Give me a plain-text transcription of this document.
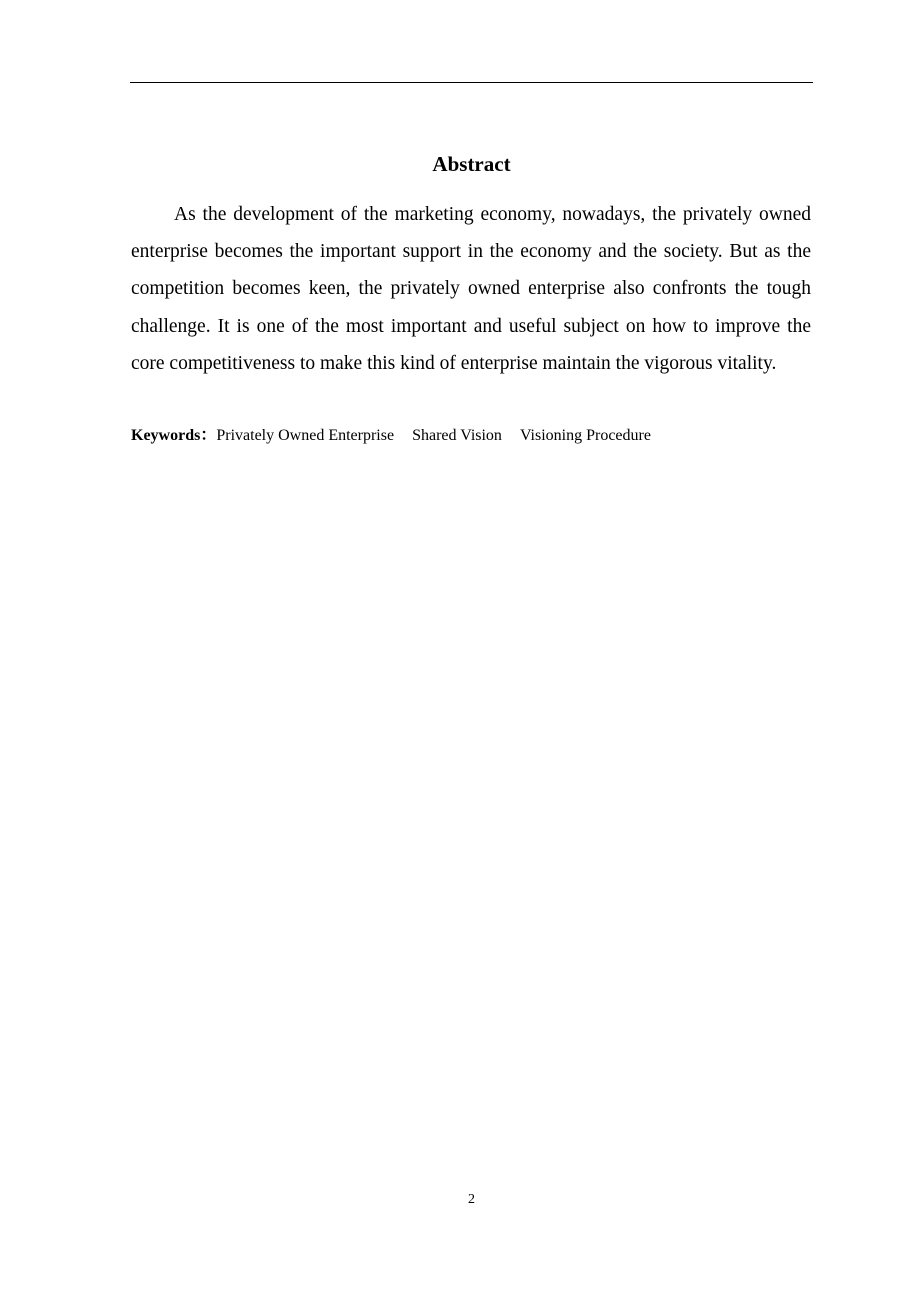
Abstract

As the development of the marketing economy, nowadays, the privately owned enterprise becomes the important support in the economy and the society. But as the competition becomes keen, the privately owned enterprise also confronts the tough challenge. It is one of the most important and useful subject on how to improve the core competitiveness to make this kind of enterprise maintain the vigorous vitality.

Keywords：Privately Owned Enterprise Shared Vision Visioning Procedure

2
